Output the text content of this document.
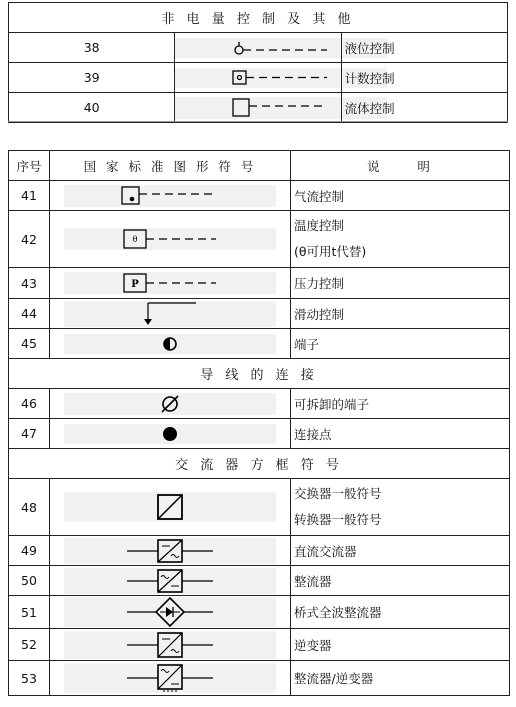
非 电 量 控 制 及 其 他		
38		液位控制
39		计数控制
40		流体控制
序号	国 家 标 准 图 形 符 号	说     明
41		气流控制
42	θ	温度控制
(θ可用t代替)

43	P	压力控制
44		滑动控制
45		端子
导 线 的 连 接		
46		可拆卸的端子
47		连接点
交 流 器 方 框 符 号		
48		交换器一般符号
转换器一般符号

49		直流交流器
50		整流器
51		桥式全波整流器
52		逆变器
53		整流器/逆变器
